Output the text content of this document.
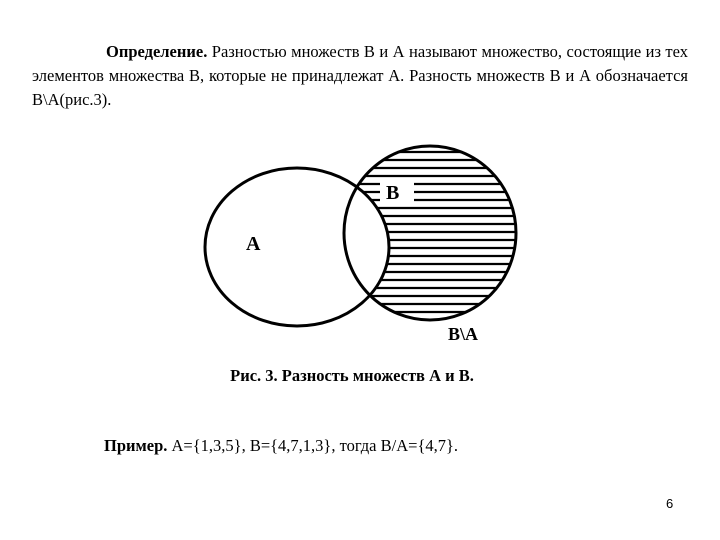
Определение. Разностью множеств В и А называют множество, состоящие из тех элементов множества В, которые не принадлежат А. Разность множеств В и А обозначается В\А(рис.3).

В
А
В\А
Рис. 3. Разность множеств А и В.
Пример. А={1,3,5}, В={4,7,1,3}, тогда В/А={4,7}.
6
